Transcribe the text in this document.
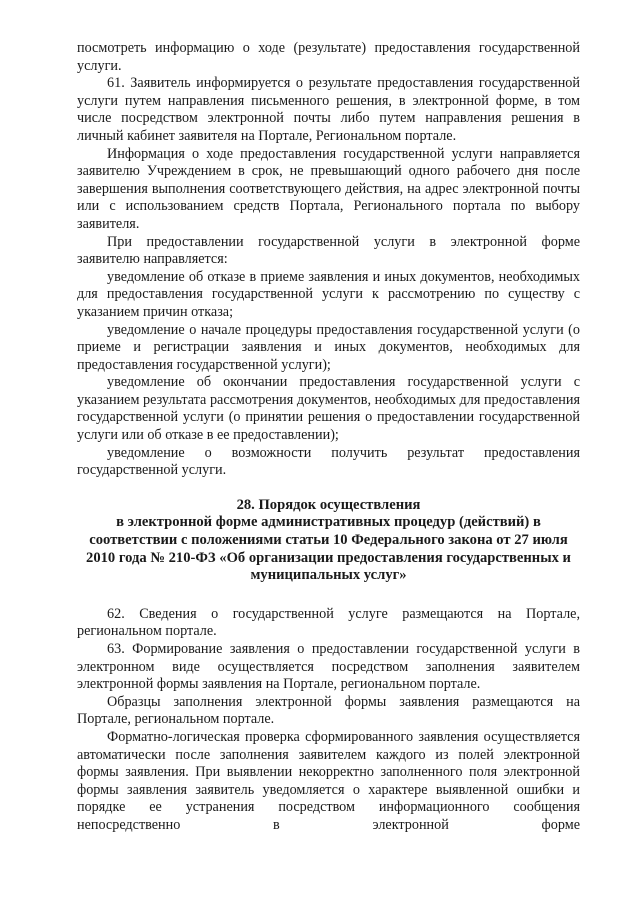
посмотреть информацию о ходе (результате) предоставления государственной услуги.

61. Заявитель информируется о результате предоставления государственной услуги путем направления письменного решения, в электронной форме, в том числе посредством электронной почты либо путем направления решения в личный кабинет заявителя на Портале, Региональном портале.

Информация о ходе предоставления государственной услуги направляется заявителю Учреждением в срок, не превышающий одного рабочего дня после завершения выполнения соответствующего действия, на адрес электронной почты или с использованием средств Портала, Регионального портала по выбору заявителя.

При предоставлении государственной услуги в электронной форме заявителю направляется:

уведомление об отказе в приеме заявления и иных документов, необходимых для предоставления государственной услуги к рассмотрению по существу с указанием причин отказа;

уведомление о начале процедуры предоставления государственной услуги (о приеме и регистрации заявления и иных документов, необходимых для предоставления государственной услуги);

уведомление об окончании предоставления государственной услуги с указанием результата рассмотрения документов, необходимых для предоставления государственной услуги (о принятии решения о предоставлении государственной услуги или об отказе в ее предоставлении);

уведомление о возможности получить результат предоставления государственной услуги.

28. Порядок осуществления
в электронной форме административных процедур (действий) в
соответствии с положениями статьи 10 Федерального закона от 27 июля
2010 года № 210-ФЗ «Об организации предоставления государственных и
муниципальных услуг»

62. Сведения о государственной услуге размещаются на Портале, региональном портале.

63. Формирование заявления о предоставлении государственной услуги в электронном виде осуществляется посредством заполнения заявителем электронной формы заявления на Портале, региональном портале.

Образцы заполнения электронной формы заявления размещаются на Портале, региональном портале.

Форматно-логическая проверка сформированного заявления осуществляется автоматически после заполнения заявителем каждого из полей электронной формы заявления. При выявлении некорректно заполненного поля электронной формы заявления заявитель уведомляется о характере выявленной ошибки и порядке ее устранения посредством информационного сообщения непосредственно в электронной форме
